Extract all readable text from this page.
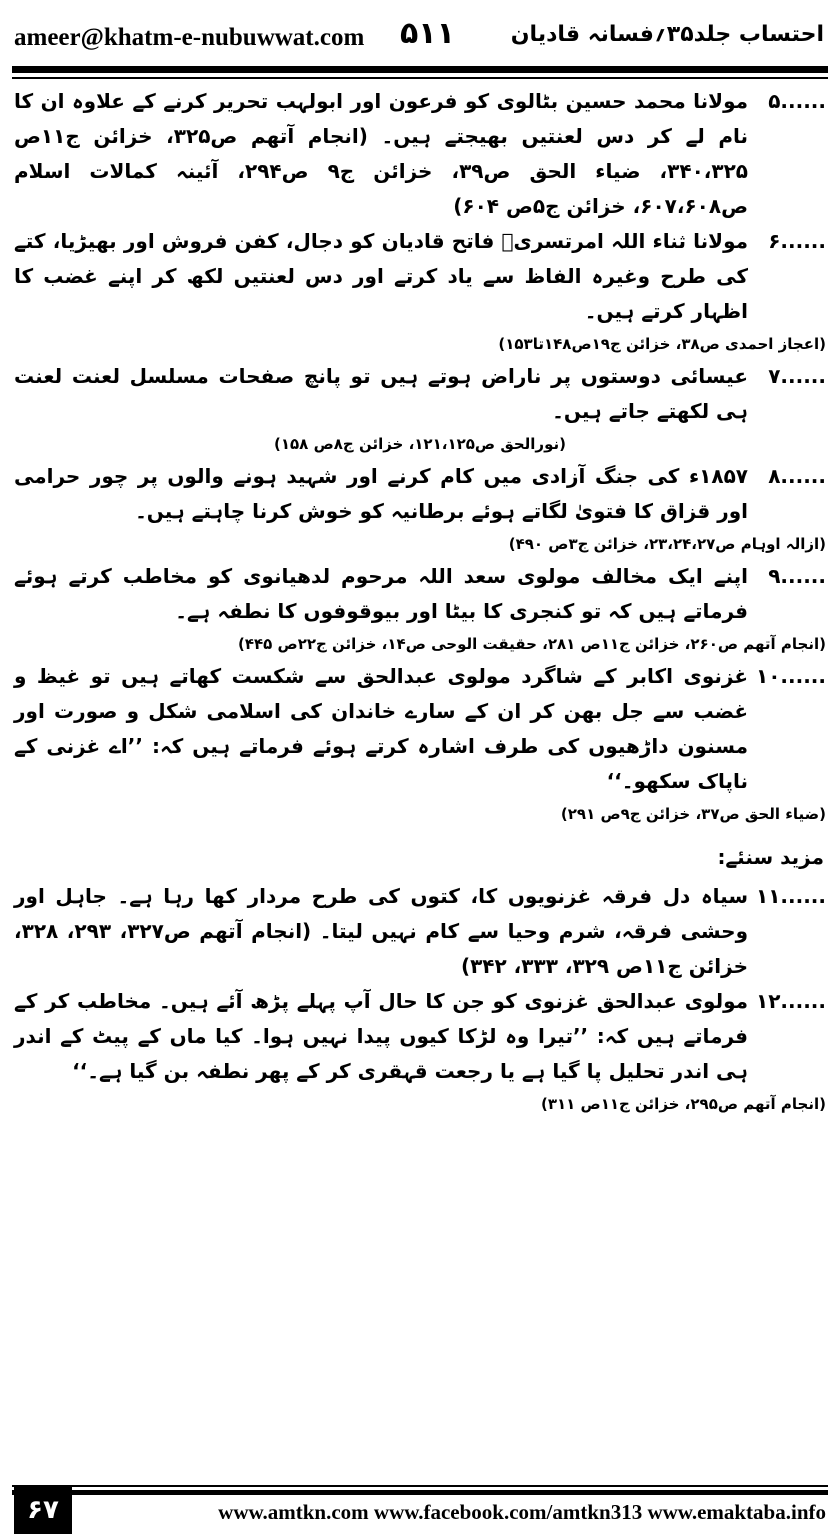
ameer@khatm-e-nubuwwat.com ۵۱۱	احتساب جلد۳۵؍فسانہ قادیان
......۵
مولانا محمد حسین بٹالوی کو فرعون اور ابولہب تحریر کرنے کے علاوہ ان کا نام لے کر دس لعنتیں بھیجتے ہیں۔ (انجام آتھم ص۳۲۵، خزائن ج۱۱ص ۳۴۰،۳۲۵، ضیاء الحق ص۳۹، خزائن ج۹ ص۲۹۴، آئینہ کمالات اسلام ص۶۰۷،۶۰۸، خزائن ج۵ص ۶۰۴)
......۶
مولانا ثناء اللہ امرتسریؒ فاتح قادیان کو دجال، کفن فروش اور بھیڑیا، کتے کی طرح وغیرہ الفاظ سے یاد کرتے اور دس لعنتیں لکھ کر اپنے غضب کا اظہار کرتے ہیں۔
(اعجاز احمدی ص۳۸، خزائن ج۱۹ص۱۴۸تا۱۵۳)
......۷
عیسائی دوستوں پر ناراض ہوتے ہیں تو پانچ صفحات مسلسل لعنت لعنت ہی لکھتے جاتے ہیں۔
(نورالحق ص۱۲۱،۱۲۵، خزائن ج۸ص ۱۵۸)
......۸
۱۸۵۷ء کی جنگ آزادی میں کام کرنے اور شہید ہونے والوں پر چور حرامی اور قزاق کا فتویٰ لگاتے ہوئے برطانیہ کو خوش کرنا چاہتے ہیں۔
(ازالہ اوہام ص۲۳،۲۴،۲۷، خزائن ج۳ص ۴۹۰)
......۹
اپنے ایک مخالف مولوی سعد اللہ مرحوم لدھیانوی کو مخاطب کرتے ہوئے فرماتے ہیں کہ تو کنجری کا بیٹا اور بیوقوفوں کا نطفہ ہے۔
(انجام آتھم ص۲۶۰، خزائن ج۱۱ص ۲۸۱، حقیقت الوحی ص۱۴، خزائن ج۲۲ص ۴۴۵)
......۱۰
غزنوی اکابر کے شاگرد مولوی عبدالحق سے شکست کھاتے ہیں تو غیظ و غضب سے جل بھن کر ان کے سارے خاندان کی اسلامی شکل و صورت اور مسنون داڑھیوں کی طرف اشارہ کرتے ہوئے فرماتے ہیں کہ: ’’اے غزنی کے ناپاک سکھو۔‘‘
(ضیاء الحق ص۳۷، خزائن ج۹ص ۲۹۱)
مزید سنئے:
......۱۱
سیاہ دل فرقہ غزنویوں کا، کتوں کی طرح مردار کھا رہا ہے۔ جاہل اور وحشی فرقہ، شرم وحیا سے کام نہیں لیتا۔ (انجام آتھم ص۳۲۷، ۲۹۳، ۳۲۸، خزائن ج۱۱ص ۳۲۹، ۳۳۳، ۳۴۲)
......۱۲
مولوی عبدالحق غزنوی کو جن کا حال آپ پہلے پڑھ آئے ہیں۔ مخاطب کر کے فرماتے ہیں کہ: ’’تیرا وہ لڑکا کیوں پیدا نہیں ہوا۔ کیا ماں کے پیٹ کے اندر ہی اندر تحلیل پا گیا ہے یا رجعت قہقری کر کے پھر نطفہ بن گیا ہے۔‘‘
(انجام آتھم ص۲۹۵، خزائن ج۱۱ص ۳۱۱)
۶۷	www.amtkn.com www.facebook.com/amtkn313 www.emaktaba.info
